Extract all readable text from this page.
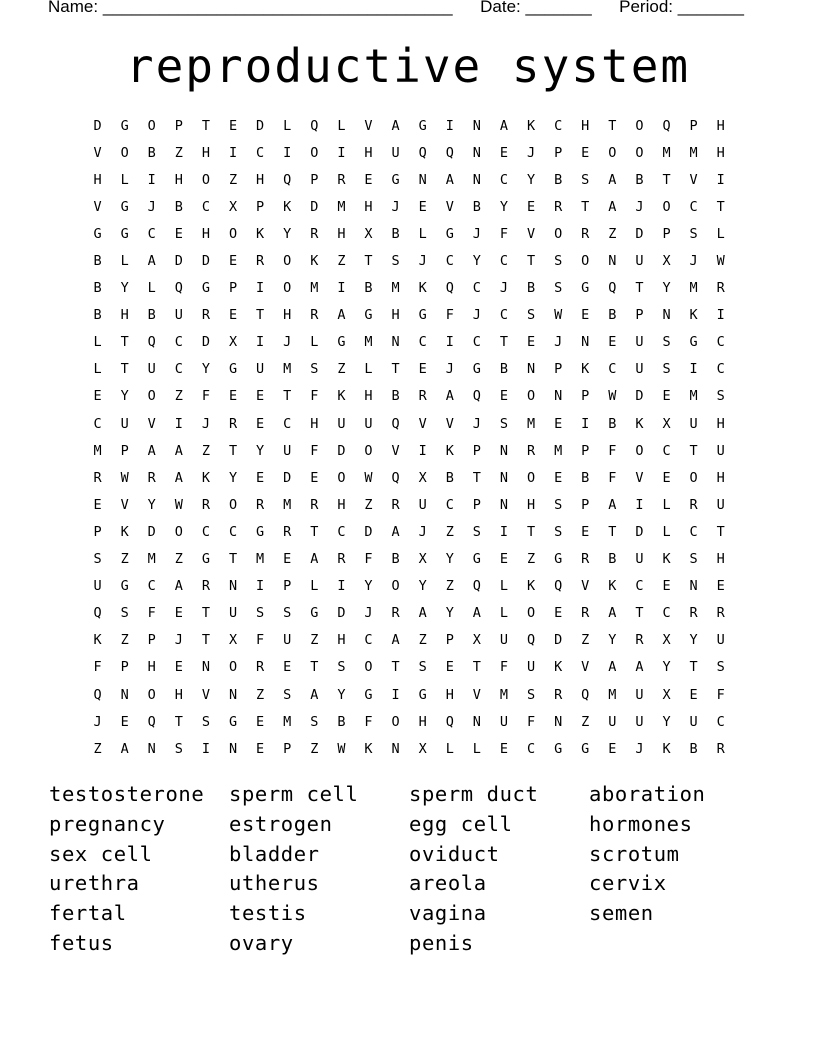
Name: _____________________________________ Date: _______ Period: _______
reproductive system
D	G	O	P	T	E	D	L	Q	L	V	A	G	I	N	A	K	C	H	T	O	Q	P	H
V	O	B	Z	H	I	C	I	O	I	H	U	Q	Q	N	E	J	P	E	O	O	M	M	H
H	L	I	H	O	Z	H	Q	P	R	E	G	N	A	N	C	Y	B	S	A	B	T	V	I
V	G	J	B	C	X	P	K	D	M	H	J	E	V	B	Y	E	R	T	A	J	O	C	T
G	G	C	E	H	O	K	Y	R	H	X	B	L	G	J	F	V	O	R	Z	D	P	S	L
B	L	A	D	D	E	R	O	K	Z	T	S	J	C	Y	C	T	S	O	N	U	X	J	W
B	Y	L	Q	G	P	I	O	M	I	B	M	K	Q	C	J	B	S	G	Q	T	Y	M	R
B	H	B	U	R	E	T	H	R	A	G	H	G	F	J	C	S	W	E	B	P	N	K	I
L	T	Q	C	D	X	I	J	L	G	M	N	C	I	C	T	E	J	N	E	U	S	G	C
L	T	U	C	Y	G	U	M	S	Z	L	T	E	J	G	B	N	P	K	C	U	S	I	C
E	Y	O	Z	F	E	E	T	F	K	H	B	R	A	Q	E	O	N	P	W	D	E	M	S
C	U	V	I	J	R	E	C	H	U	U	Q	V	V	J	S	M	E	I	B	K	X	U	H
M	P	A	A	Z	T	Y	U	F	D	O	V	I	K	P	N	R	M	P	F	O	C	T	U
R	W	R	A	K	Y	E	D	E	O	W	Q	X	B	T	N	O	E	B	F	V	E	O	H
E	V	Y	W	R	O	R	M	R	H	Z	R	U	C	P	N	H	S	P	A	I	L	R	U
P	K	D	O	C	C	G	R	T	C	D	A	J	Z	S	I	T	S	E	T	D	L	C	T
S	Z	M	Z	G	T	M	E	A	R	F	B	X	Y	G	E	Z	G	R	B	U	K	S	H
U	G	C	A	R	N	I	P	L	I	Y	O	Y	Z	Q	L	K	Q	V	K	C	E	N	E
Q	S	F	E	T	U	S	S	G	D	J	R	A	Y	A	L	O	E	R	A	T	C	R	R
K	Z	P	J	T	X	F	U	Z	H	C	A	Z	P	X	U	Q	D	Z	Y	R	X	Y	U
F	P	H	E	N	O	R	E	T	S	O	T	S	E	T	F	U	K	V	A	A	Y	T	S
Q	N	O	H	V	N	Z	S	A	Y	G	I	G	H	V	M	S	R	Q	M	U	X	E	F
J	E	Q	T	S	G	E	M	S	B	F	O	H	Q	N	U	F	N	Z	U	U	Y	U	C
Z	A	N	S	I	N	E	P	Z	W	K	N	X	L	L	E	C	G	G	E	J	K	B	R
testosterone	sperm cell	sperm duct	aboration
pregnancy	estrogen	egg cell	hormones
sex cell	bladder	oviduct	scrotum
urethra	utherus	areola	cervix
fertal	testis	vagina	semen
fetus	ovary	penis
